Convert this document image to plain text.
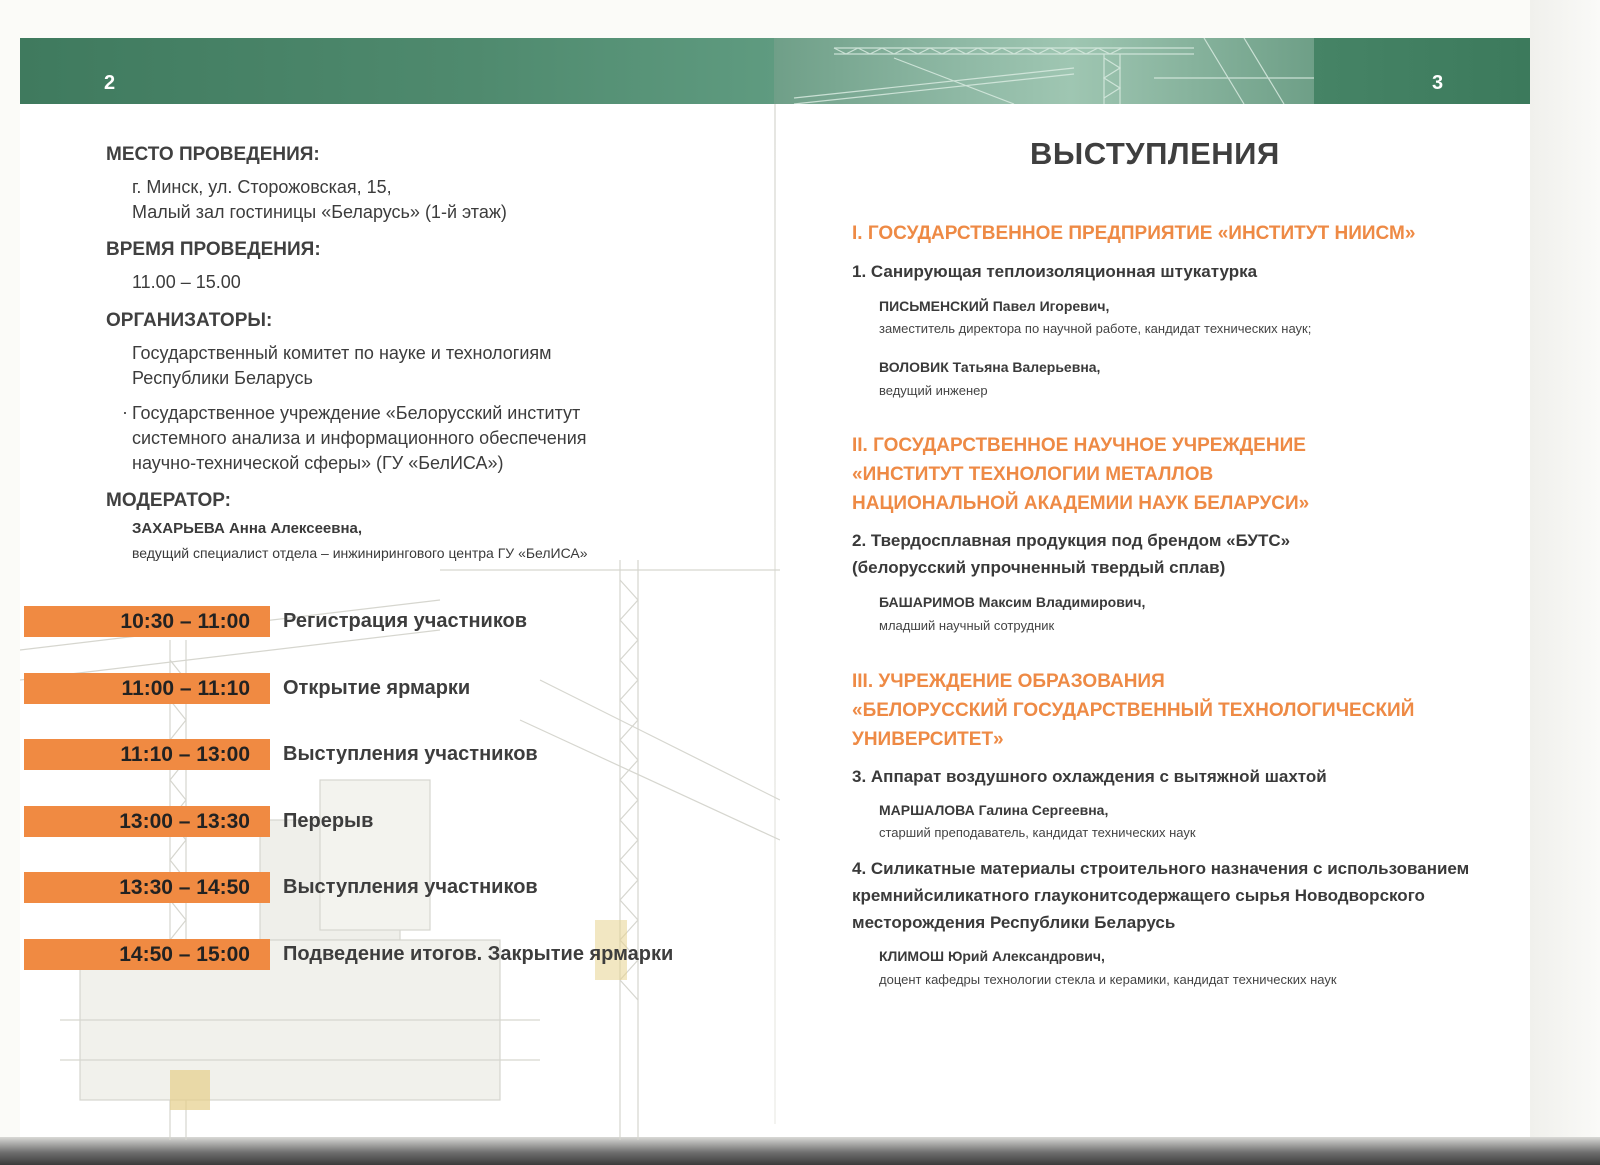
2	3
МЕСТО ПРОВЕДЕНИЯ:
г. Минск, ул. Сторожовская, 15,
Малый зал гостиницы «Беларусь» (1-й этаж)
ВРЕМЯ ПРОВЕДЕНИЯ:
11.00 – 15.00
ОРГАНИЗАТОРЫ:
Государственный комитет по науке и технологиям
Республики Беларусь
· Государственное учреждение «Белорусский институт
системного анализа и информационного обеспечения
научно-технической сферы» (ГУ «БелИСА»)
МОДЕРАТОР:
ЗАХАРЬЕВА Анна Алексеевна,
ведущий специалист отдела – инжинирингового центра ГУ «БелИСА»
10:30 – 11:00	Регистрация участников
11:00 – 11:10	Открытие ярмарки
11:10 – 13:00	Выступления участников
13:00 – 13:30	Перерыв
13:30 – 14:50	Выступления участников
14:50 – 15:00	Подведение итогов. Закрытие ярмарки
ВЫСТУПЛЕНИЯ
I. ГОСУДАРСТВЕННОЕ ПРЕДПРИЯТИЕ «ИНСТИТУТ НИИСМ»
1. Санирующая теплоизоляционная штукатурка
ПИСЬМЕНСКИЙ Павел Игоревич,
заместитель директора по научной работе, кандидат технических наук;
ВОЛОВИК Татьяна Валерьевна,
ведущий инженер
II. ГОСУДАРСТВЕННОЕ НАУЧНОЕ УЧРЕЖДЕНИЕ
«ИНСТИТУТ ТЕХНОЛОГИИ МЕТАЛЛОВ
НАЦИОНАЛЬНОЙ АКАДЕМИИ НАУК БЕЛАРУСИ»
2. Твердосплавная продукция под брендом «БУТС»
(белорусский упрочненный твердый сплав)
БАШАРИМОВ Максим Владимирович,
младший научный сотрудник
III. УЧРЕЖДЕНИЕ ОБРАЗОВАНИЯ
«БЕЛОРУССКИЙ ГОСУДАРСТВЕННЫЙ ТЕХНОЛОГИЧЕСКИЙ
УНИВЕРСИТЕТ»
3. Аппарат воздушного охлаждения с вытяжной шахтой
МАРШАЛОВА Галина Сергеевна,
старший преподаватель, кандидат технических наук
4. Силикатные материалы строительного назначения с использованием
кремнийсиликатного глауконитсодержащего сырья Новодворского
месторождения Республики Беларусь
КЛИМОШ Юрий Александрович,
доцент кафедры технологии стекла и керамики, кандидат технических наук
